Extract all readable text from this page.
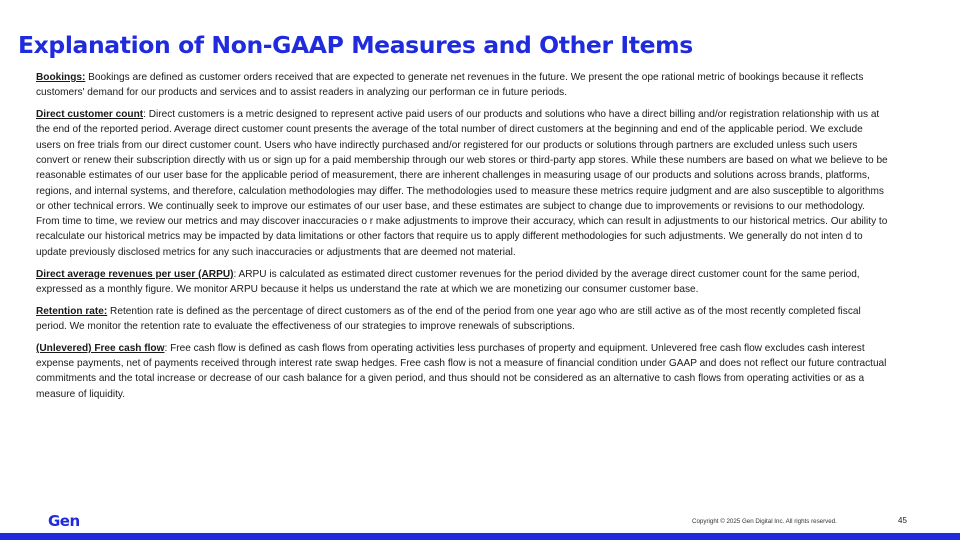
Explanation of Non-GAAP Measures and Other Items

Bookings: Bookings are defined as customer orders received that are expected to generate net revenues in the future. We present the ope rational metric of bookings because it reflects customers' demand for our products and services and to assist readers in analyzing our performan ce in future periods.

Direct customer count: Direct customers is a metric designed to represent active paid users of our products and solutions who have a direct billing and/or registration relationship with us at the end of the reported period. Average direct customer count presents the average of the total number of direct customers at the beginning and end of the applicable period. We exclude users on free trials from our direct customer count. Users who have indirectly purchased and/or registered for our products or solutions through partners are excluded unless such users convert or renew their subscription directly with us or sign up for a paid membership through our web stores or third-party app stores. While these numbers are based on what we believe to be reasonable estimates of our user base for the applicable period of measurement, there are inherent challenges in measuring usage of our products and solutions across brands, platforms, regions, and internal systems, and therefore, calculation methodologies may differ. The methodologies used to measure these metrics require judgment and are also susceptible to algorithms or other technical errors. We continually seek to improve our estimates of our user base, and these estimates are subject to change due to improvements or revisions to our methodology. From time to time, we review our metrics and may discover inaccuracies o r make adjustments to improve their accuracy, which can result in adjustments to our historical metrics. Our ability to recalculate our historical metrics may be impacted by data limitations or other factors that require us to apply different methodologies for such adjustments. We generally do not inten d to update previously disclosed metrics for any such inaccuracies or adjustments that are deemed not material.

Direct average revenues per user (ARPU): ARPU is calculated as estimated direct customer revenues for the period divided by the average direct customer count for the same period, expressed as a monthly figure. We monitor ARPU because it helps us understand the rate at which we are monetizing our consumer customer base.

Retention rate: Retention rate is defined as the percentage of direct customers as of the end of the period from one year ago who are still active as of the most recently completed fiscal period. We monitor the retention rate to evaluate the effectiveness of our strategies to improve renewals of subscriptions.

(Unlevered) Free cash flow: Free cash flow is defined as cash flows from operating activities less purchases of property and equipment. Unlevered free cash flow excludes cash interest expense payments, net of payments received through interest rate swap hedges. Free cash flow is not a measure of financial condition under GAAP and does not reflect our future contractual commitments and the total increase or decrease of our cash balance for a given period, and thus should not be considered as an alternative to cash flows from operating activities or as a measure of liquidity.

Gen	Copyright © 2025 Gen Digital Inc. All rights reserved.	45
